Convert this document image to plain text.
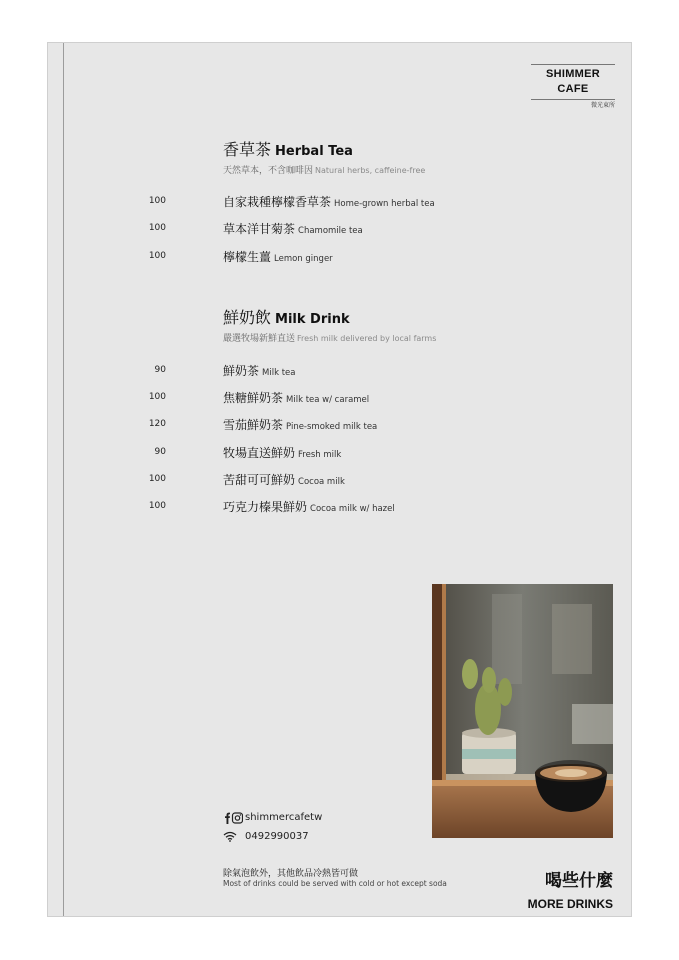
SHIMMER CAFE
微光東所
香草茶 Herbal Tea
天然草本，不含咖啡因 Natural herbs, caffeine-free
100	自家栽種檸檬香草茶 Home-grown herbal tea
100	草本洋甘菊茶 Chamomile tea
100	檸檬生薑 Lemon ginger
鮮奶飲 Milk Drink
嚴選牧場新鮮直送 Fresh milk delivered by local farms
90	鮮奶茶 Milk tea
100	焦糖鮮奶茶 Milk tea w/ caramel
120	雪茄鮮奶茶 Pine-smoked milk tea
90	牧場直送鮮奶 Fresh milk
100	苦甜可可鮮奶 Cocoa milk
100	巧克力榛果鮮奶 Cocoa milk w/ hazel
shimmercafetw
0492990037
除氣泡飲外，其他飲品冷熱皆可做
Most of drinks could be served with cold or hot except soda	喝些什麼
MORE DRINKS
